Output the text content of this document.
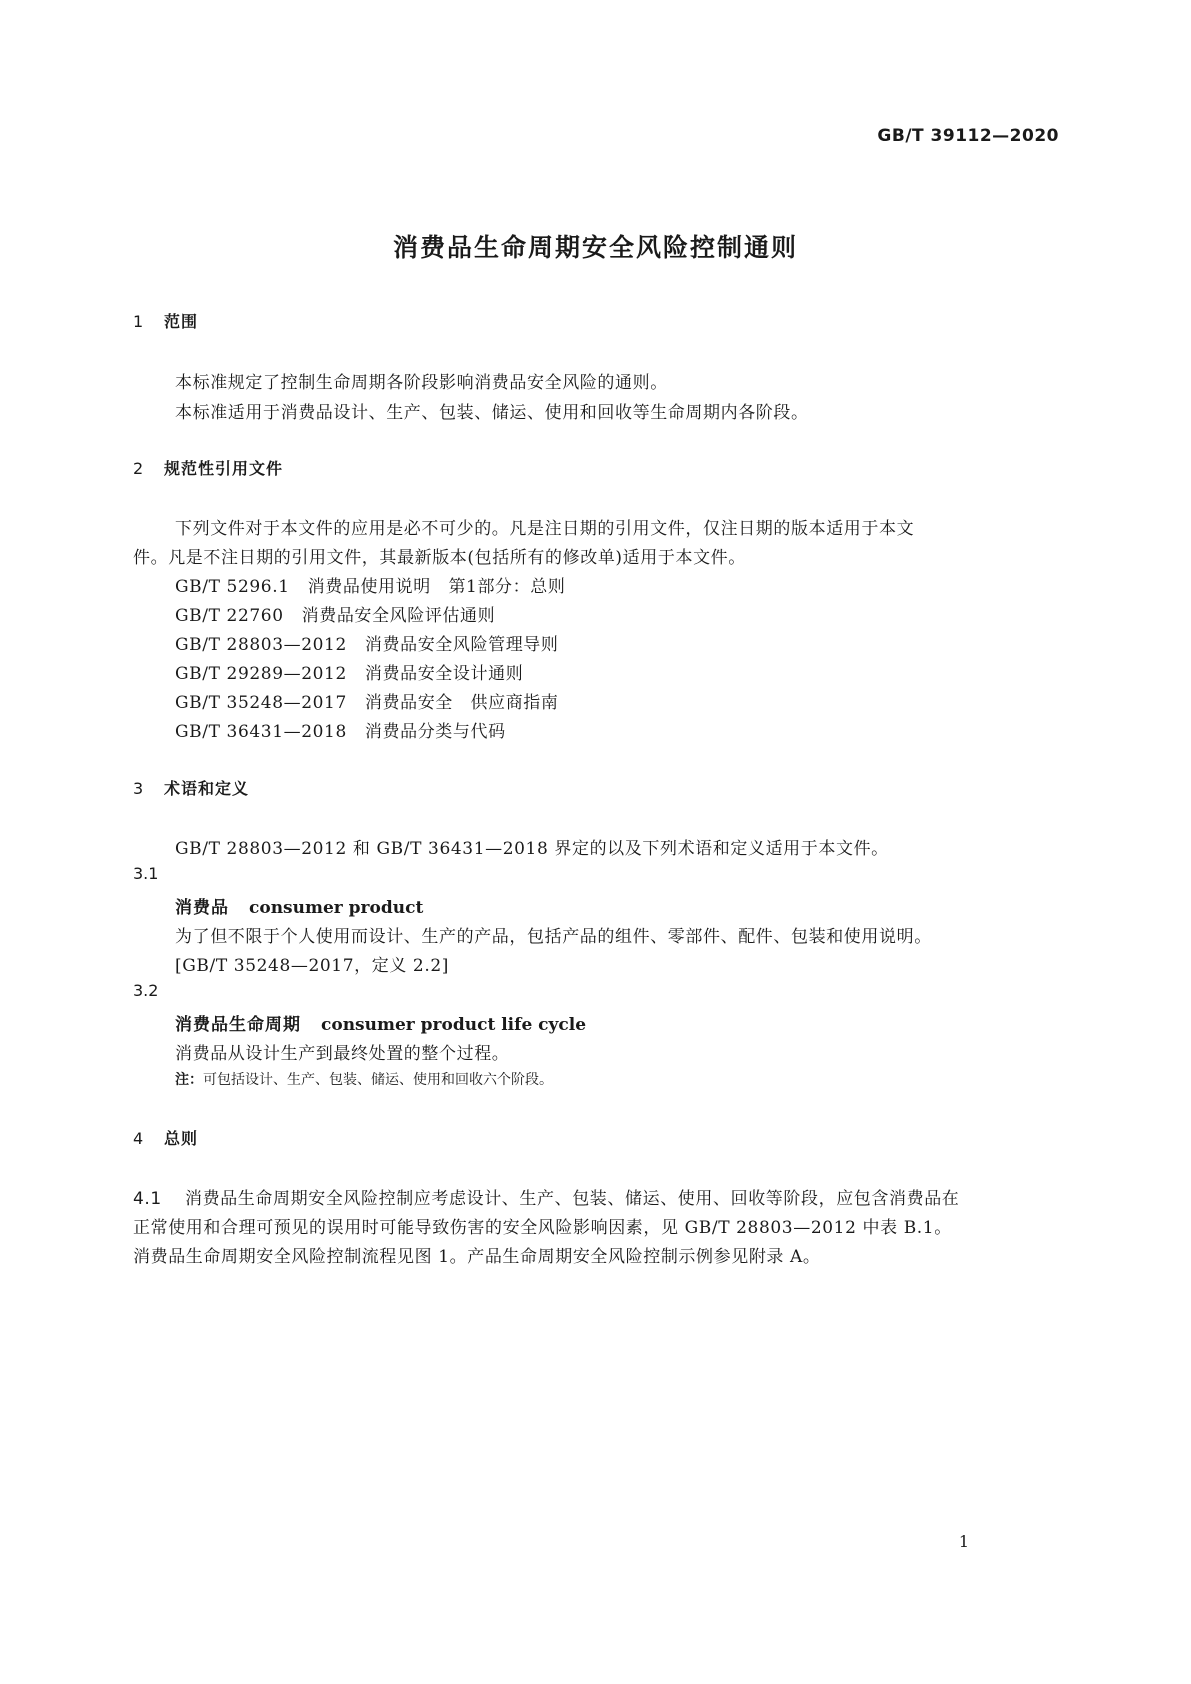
GB/T 39112—2020
消费品生命周期安全风险控制通则
1 范围
本标准规定了控制生命周期各阶段影响消费品安全风险的通则。
本标准适用于消费品设计、生产、包装、储运、使用和回收等生命周期内各阶段。
2 规范性引用文件
下列文件对于本文件的应用是必不可少的。凡是注日期的引用文件，仅注日期的版本适用于本文
件。凡是不注日期的引用文件，其最新版本(包括所有的修改单)适用于本文件。
GB/T 5296.1 消费品使用说明　第1部分：总则
GB/T 22760 消费品安全风险评估通则
GB/T 28803—2012 消费品安全风险管理导则
GB/T 29289—2012 消费品安全设计通则
GB/T 35248—2017 消费品安全　供应商指南
GB/T 36431—2018 消费品分类与代码
3 术语和定义
GB/T 28803—2012 和 GB/T 36431—2018 界定的以及下列术语和定义适用于本文件。
3.1
消费品 consumer product
为了但不限于个人使用而设计、生产的产品，包括产品的组件、零部件、配件、包装和使用说明。
[GB/T 35248—2017，定义 2.2]
3.2
消费品生命周期 consumer product life cycle
消费品从设计生产到最终处置的整个过程。
注：可包括设计、生产、包装、储运、使用和回收六个阶段。
4 总则
4.1 消费品生命周期安全风险控制应考虑设计、生产、包装、储运、使用、回收等阶段，应包含消费品在
正常使用和合理可预见的误用时可能导致伤害的安全风险影响因素，见 GB/T 28803—2012 中表 B.1。
消费品生命周期安全风险控制流程见图 1。产品生命周期安全风险控制示例参见附录 A。
1
